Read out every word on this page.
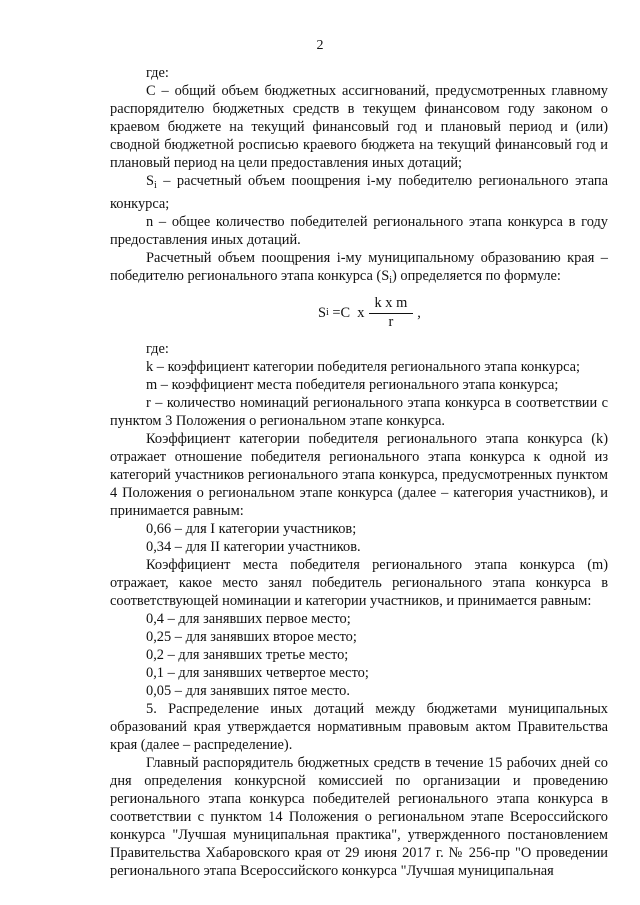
2

где:

С – общий объем бюджетных ассигнований, предусмотренных главному распорядителю бюджетных средств в текущем финансовом году законом о краевом бюджете на текущий финансовый год и плановый период и (или) сводной бюджетной росписью краевого бюджета на текущий финансовый год и плановый период на цели предоставления иных дотаций;

$S_i$ – расчетный объем поощрения i-му победителю регионального этапа конкурса;

n – общее количество победителей регионального этапа конкурса в году предоставления иных дотаций.

Расчетный объем поощрения i-му муниципальному образованию края – победителю регионального этапа конкурса $(S_i)$ определяется по формуле:

S i =C  x $\frac{\text{k x m}}{r}$ ,

где:

k – коэффициент категории победителя регионального этапа конкурса;

m – коэффициент места победителя регионального этапа конкурса;

r – количество номинаций регионального этапа конкурса в соответствии с пунктом 3 Положения о региональном этапе конкурса.

Коэффициент категории победителя регионального этапа конкурса (k) отражает отношение победителя регионального этапа конкурса к одной из категорий участников регионального этапа конкурса, предусмотренных пунктом 4 Положения о региональном этапе конкурса (далее – категория участников), и принимается равным:

0,66 – для I категории участников;

0,34 – для II категории участников.

Коэффициент места победителя регионального этапа конкурса (m) отражает, какое место занял победитель регионального этапа конкурса в соответствующей номинации и категории участников, и принимается равным:

0,4 – для занявших первое место;

0,25 – для занявших второе место;

0,2 – для занявших третье место;

0,1 – для занявших четвертое место;

0,05 – для занявших пятое место.

5. Распределение иных дотаций между бюджетами муниципальных образований края утверждается нормативным правовым актом Правительства края (далее – распределение).

Главный распорядитель бюджетных средств в течение 15 рабочих дней со дня определения конкурсной комиссией по организации и проведению регионального этапа конкурса победителей регионального этапа конкурса в соответствии с пунктом 14 Положения о региональном этапе Всероссийского конкурса "Лучшая муниципальная практика", утвержденного постановлением Правительства Хабаровского края от 29 июня 2017 г. № 256-пр "О проведении регионального этапа Всероссийского конкурса "Лучшая муниципальная
